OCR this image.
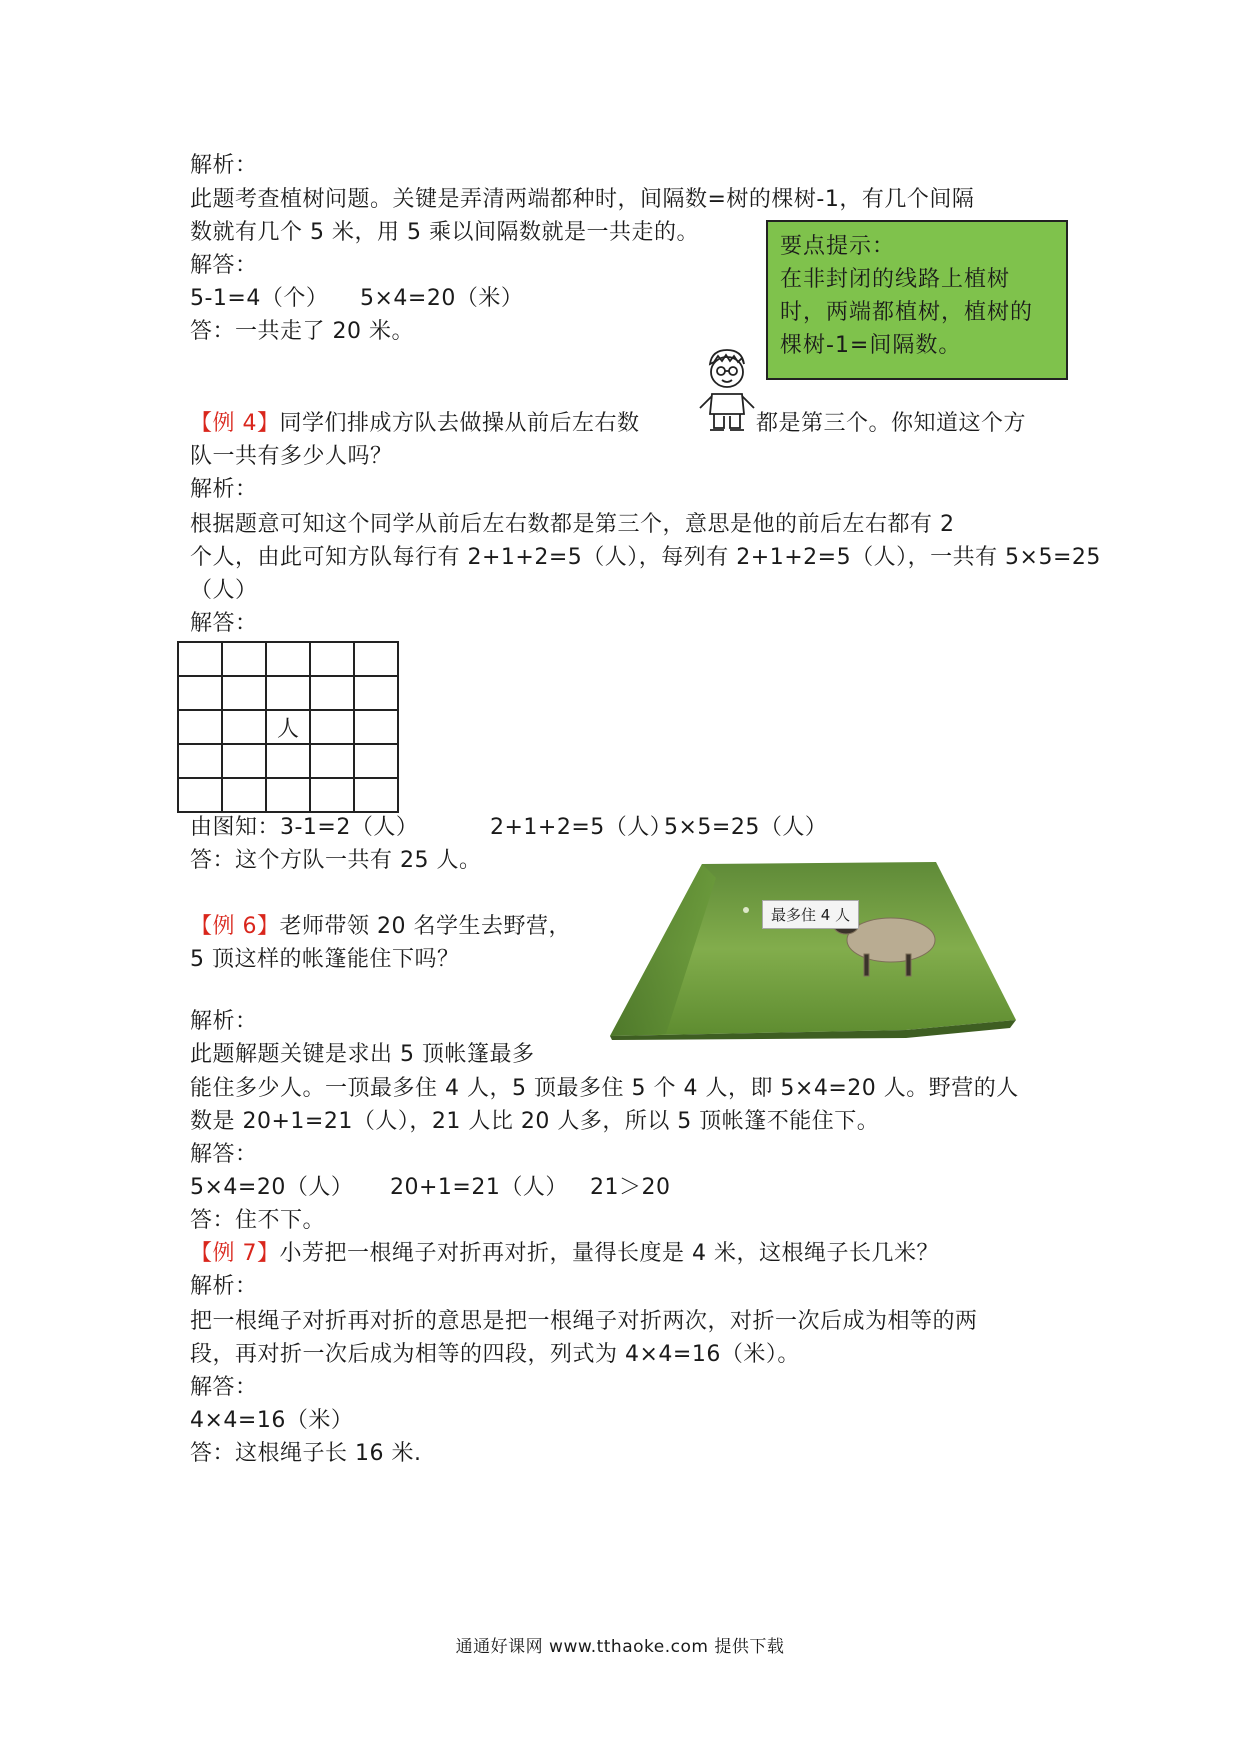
解析：
此题考查植树问题。关键是弄清两端都种时，间隔数=树的棵树-1，有几个间隔
数就有几个 5 米，用 5 乘以间隔数就是一共走的。
解答：
5-1=4（个） 5×4=20（米）
答：一共走了 20 米。
要点提示：
在非封闭的线路上植树
时，两端都植树，植树的
棵树-1=间隔数。
【例 4】同学们排成方队去做操从前后左右数	都是第三个。你知道这个方
队一共有多少人吗？
解析：
根据题意可知这个同学从前后左右数都是第三个，意思是他的前后左右都有 2
个人，由此可知方队每行有 2+1+2=5（人），每列有 2+1+2=5（人），一共有 5×5=25
（人）
解答：

		人		

由图知：3-1=2（人）	2+1+2=5（人）
5×5=25（人）
答：这个方队一共有 25 人。
【例 6】老师带领 20 名学生去野营，
5 顶这样的帐篷能住下吗？
最多住 4 人
解析：
此题解题关键是求出 5 顶帐篷最多
能住多少人。一顶最多住 4 人，5 顶最多住 5 个 4 人，即 5×4=20 人。野营的人
数是 20+1=21（人），21 人比 20 人多，所以 5 顶帐篷不能住下。
解答：
5×4=20（人） 20+1=21（人） 21＞20
答：住不下。
【例 7】小芳把一根绳子对折再对折，量得长度是 4 米，这根绳子长几米？
解析：
把一根绳子对折再对折的意思是把一根绳子对折两次，对折一次后成为相等的两
段，再对折一次后成为相等的四段，列式为 4×4=16（米）。
解答：
4×4=16（米）
答：这根绳子长 16 米.
通通好课网 www.tthaoke.com 提供下载
